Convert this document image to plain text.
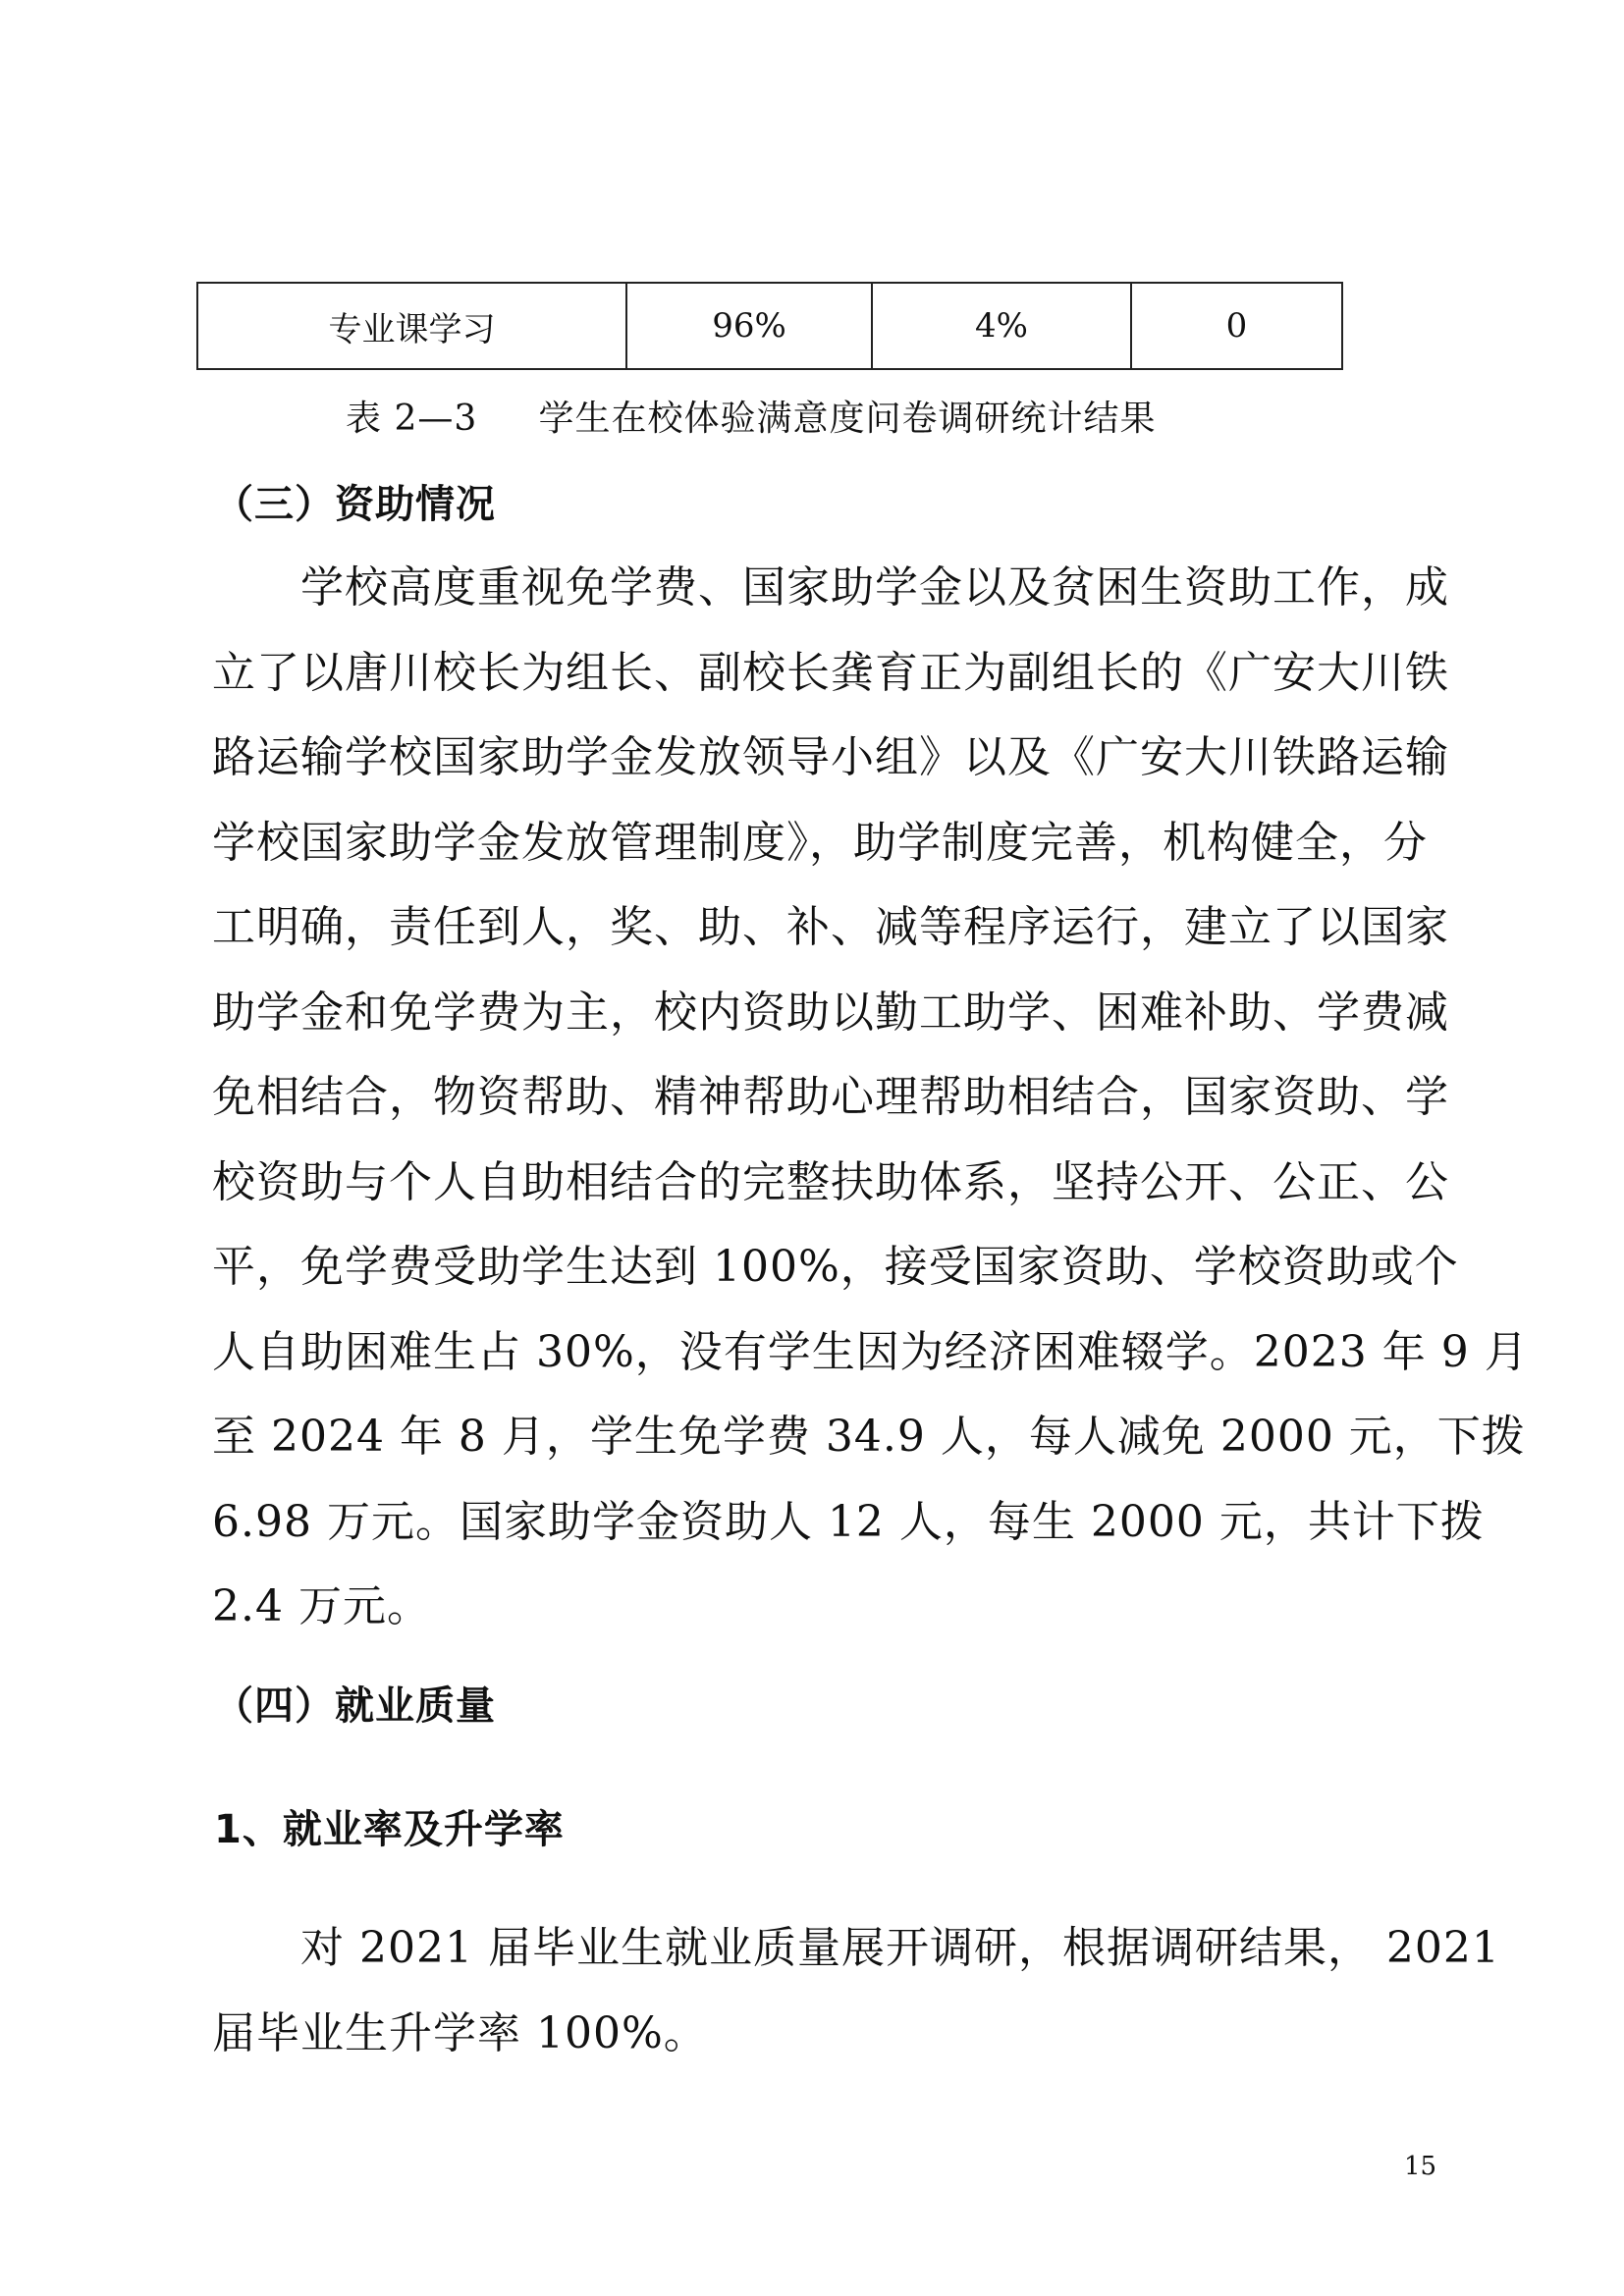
专业课学习	96%	4%	0
表 2—3     学生在校体验满意度问卷调研统计结果
（三）资助情况
　　学校高度重视免学费、国家助学金以及贫困生资助工作，成
立了以唐川校长为组长、副校长龚育正为副组长的《广安大川铁
路运输学校国家助学金发放领导小组》以及《广安大川铁路运输
学校国家助学金发放管理制度》，助学制度完善，机构健全，分
工明确，责任到人，奖、助、补、减等程序运行，建立了以国家
助学金和免学费为主，校内资助以勤工助学、困难补助、学费减
免相结合，物资帮助、精神帮助心理帮助相结合，国家资助、学
校资助与个人自助相结合的完整扶助体系，坚持公开、公正、公
平，免学费受助学生达到 100%，接受国家资助、学校资助或个
人自助困难生占 30%，没有学生因为经济困难辍学。2023 年 9 月
至 2024 年 8 月，学生免学费 34.9 人，每人减免 2000 元，下拨
6.98 万元。国家助学金资助人 12 人，每生 2000 元，共计下拨
2.4 万元。
（四）就业质量
1、就业率及升学率
　　对 2021 届毕业生就业质量展开调研，根据调研结果， 2021
届毕业生升学率 100%。
15
